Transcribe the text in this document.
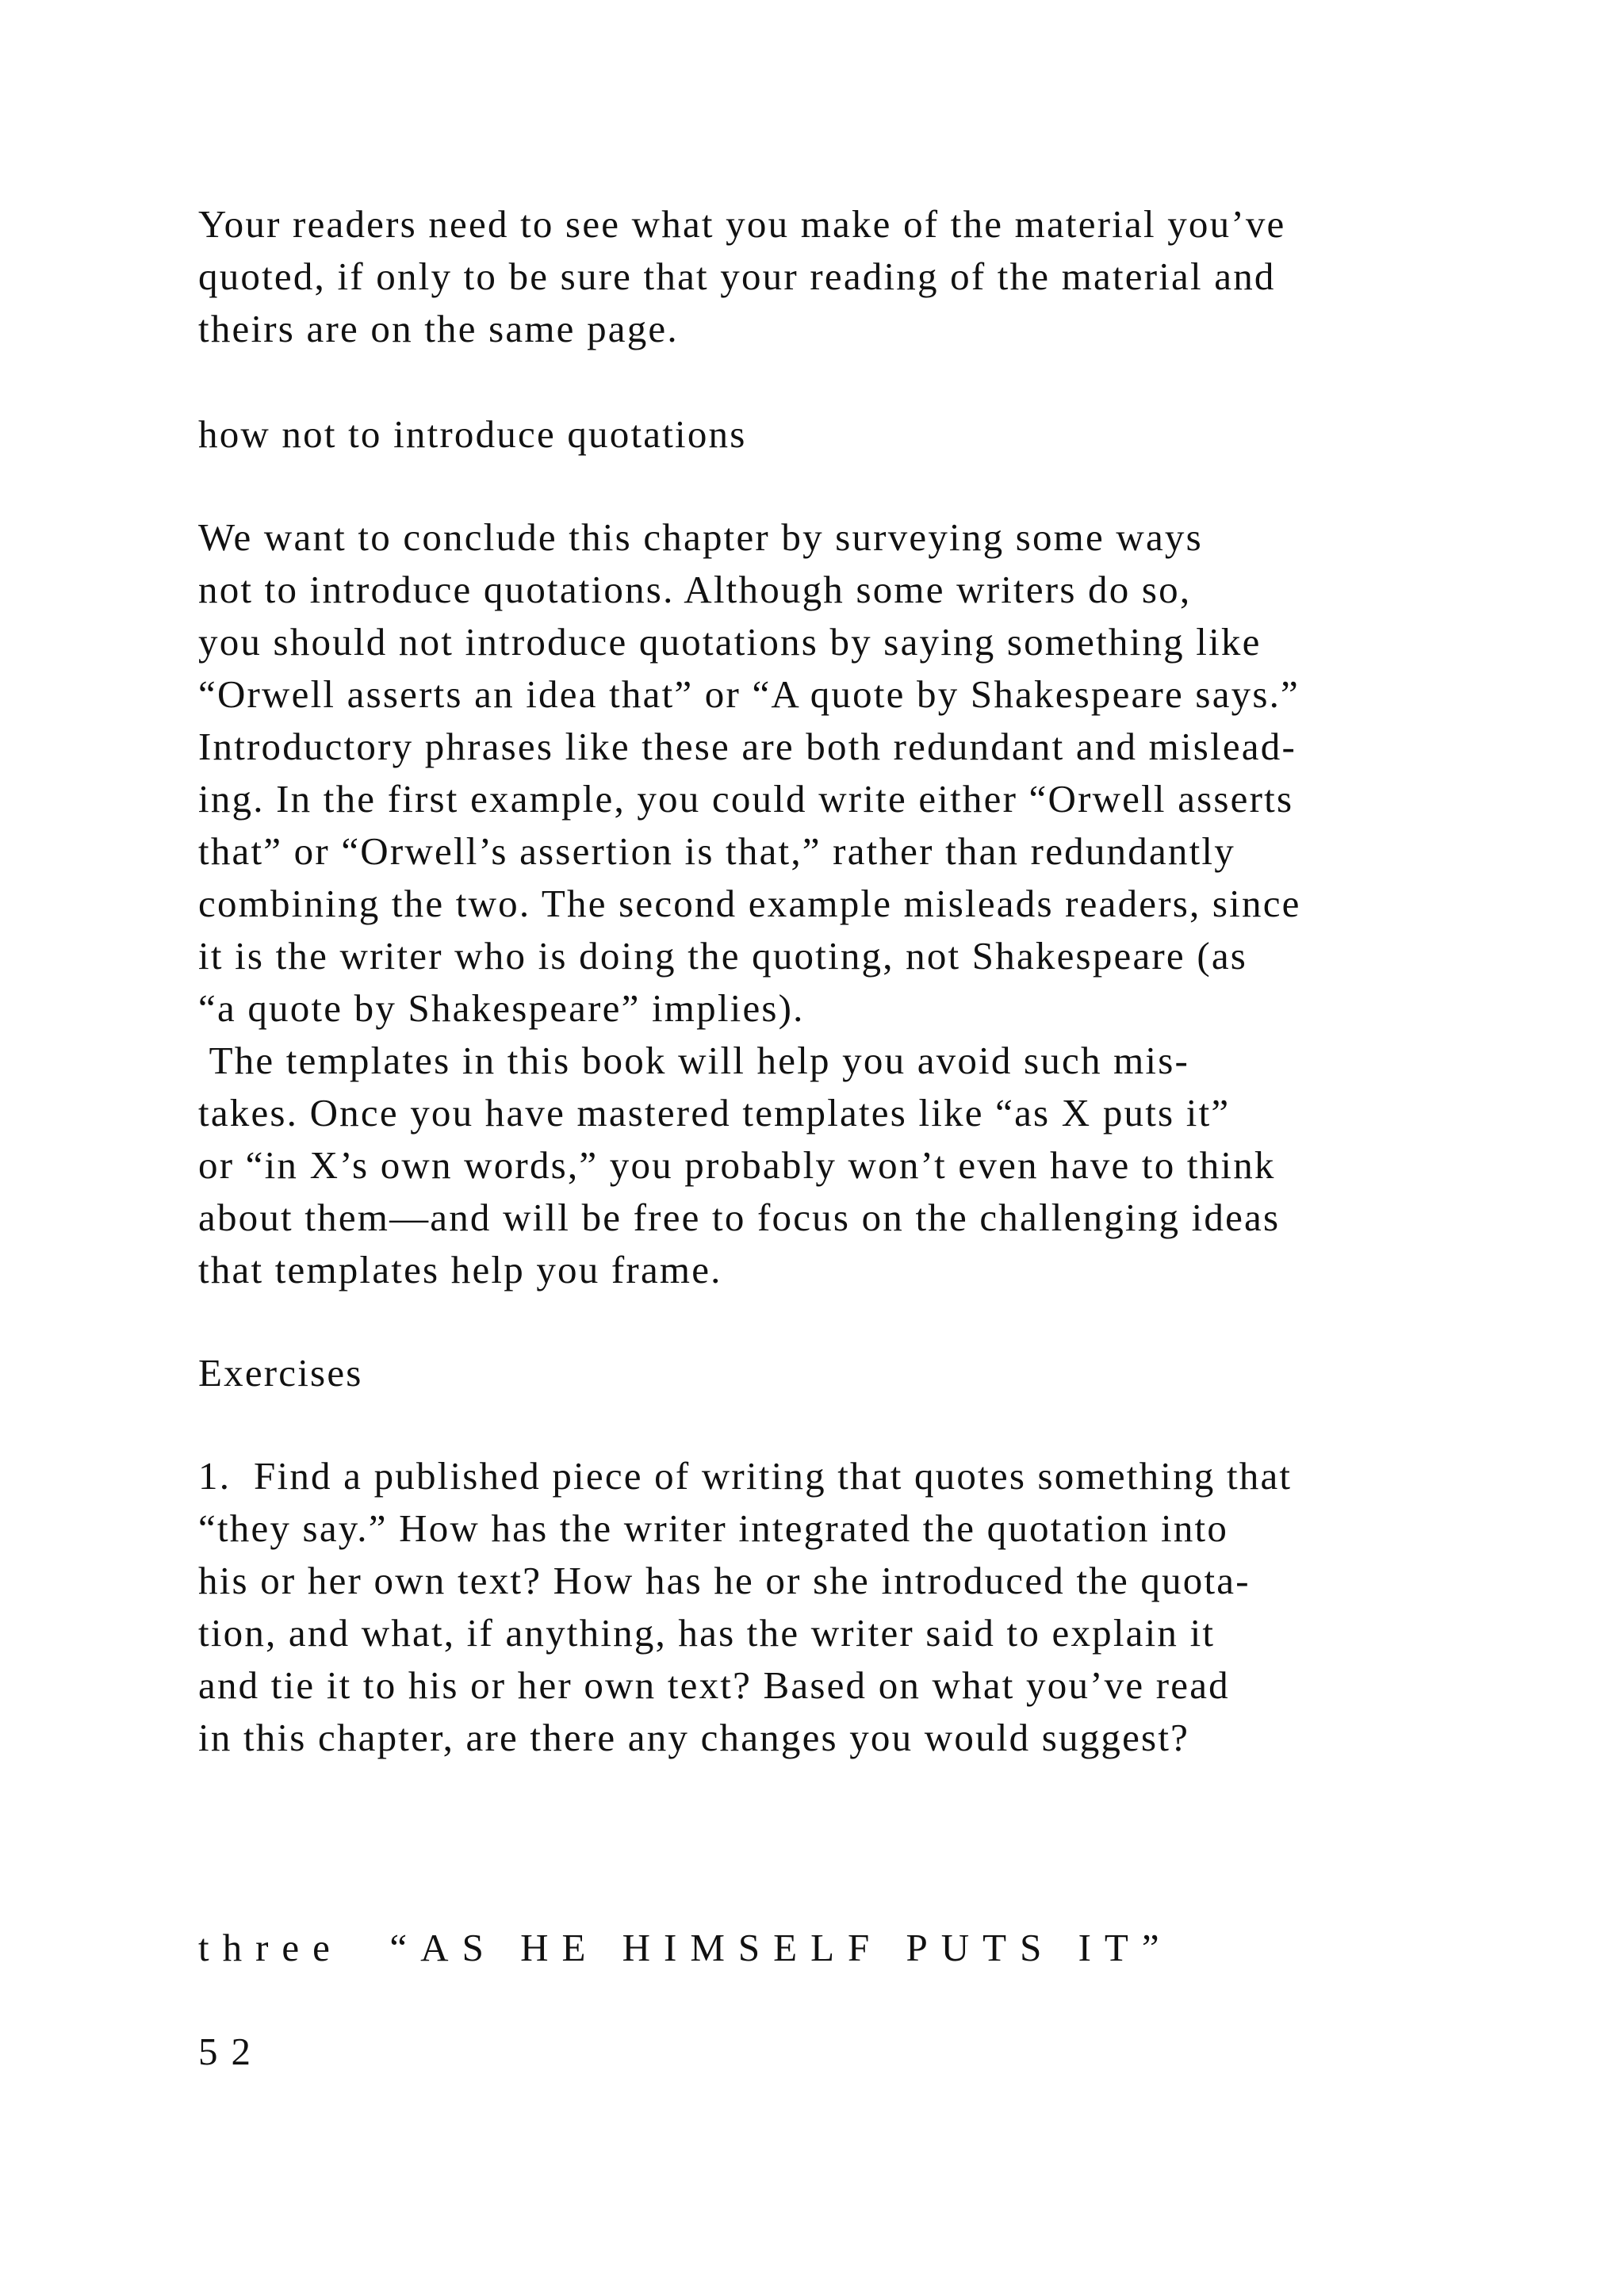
Your readers need to see what you make of the material you’ve
quoted, if only to be sure that your reading of the material and
theirs are on the same page.
how not to introduce quotations
We want to conclude this chapter by surveying some ways
not to introduce quotations. Although some writers do so,
you should not introduce quotations by saying something like
“Orwell asserts an idea that” or “A quote by Shakespeare says.”
Introductory phrases like these are both redundant and mislead-
ing. In the first example, you could write either “Orwell asserts
that” or “Orwell’s assertion is that,” rather than redundantly
combining the two. The second example misleads readers, since
it is the writer who is doing the quoting, not Shakespeare (as
“a quote by Shakespeare” implies).
The templates in this book will help you avoid such mis-
takes. Once you have mastered templates like “as X puts it”
or “in X’s own words,” you probably won’t even have to think
about them—and will be free to focus on the challenging ideas
that templates help you frame.
Exercises
1.  Find a published piece of writing that quotes something that
“they say.” How has the writer integrated the quotation into
his or her own text? How has he or she introduced the quota-
tion, and what, if anything, has the writer said to explain it
and tie it to his or her own text? Based on what you’ve read
in this chapter, are there any changes you would suggest?
three  “AS HE HIMSELF PUTS IT”
52
